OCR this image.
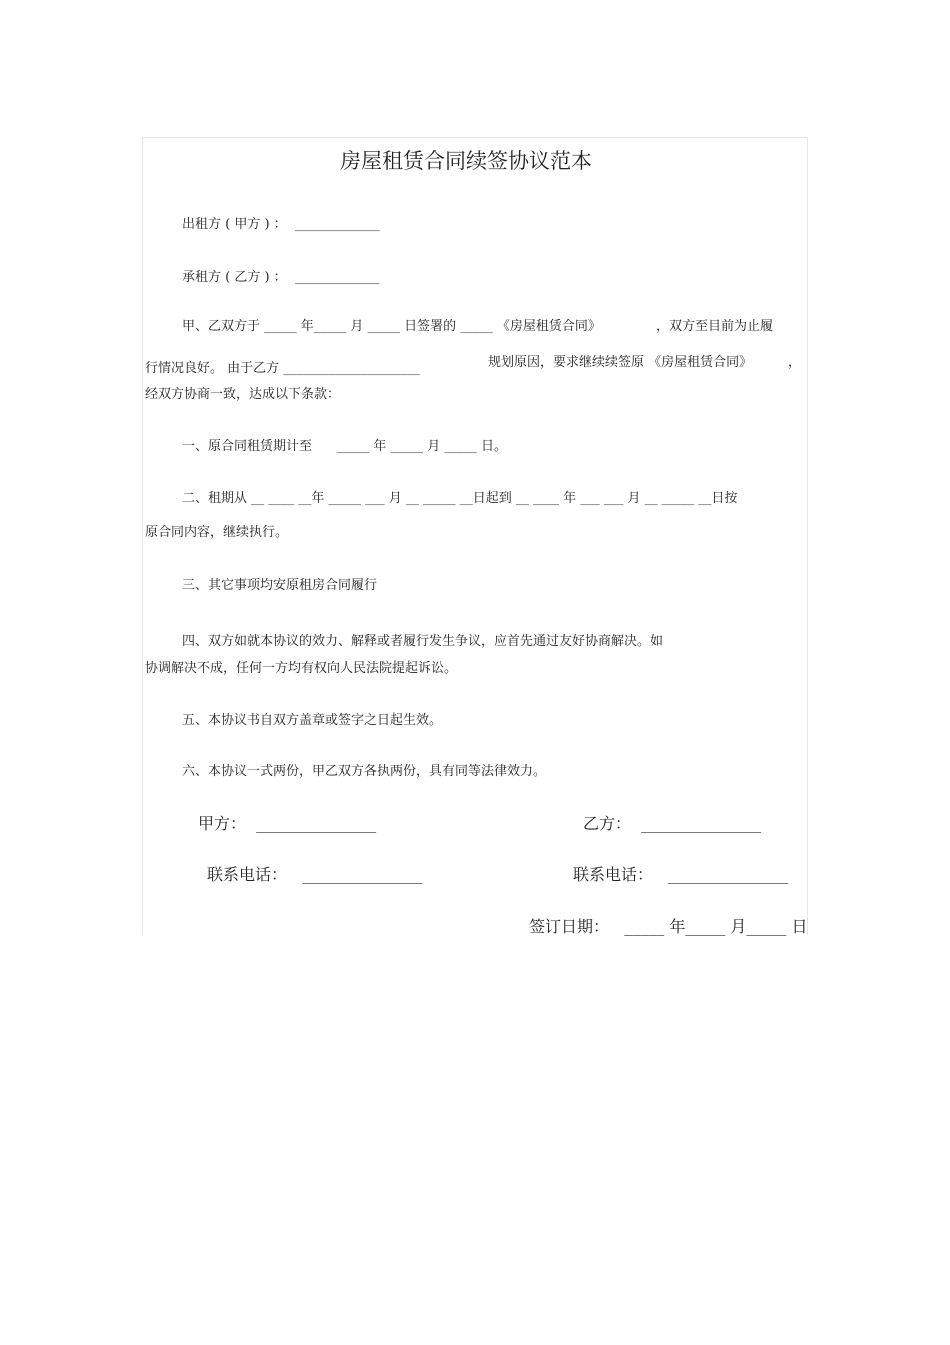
房屋租赁合同续签协议范本
出租方 ( 甲方 ) ：  _____________
承租方 ( 乙方 ) ：  _____________
甲、乙双方于 _____ 年_____ 月 _____ 日签署的 _____ 《房屋租赁合同》	，双方至目前为止履
行情况良好。 由于乙方 _____________________	规划原因，要求继续续签原 《房屋租赁合同》	，
经双方协商一致，达成以下条款：
一、原合同租赁期计至      _____ 年 _____ 月 _____ 日。
二、租期从 __ ____ __年 _____ ___ 月 __ _____ __日起到 __ ____ 年 ___ ___ 月 __ _____ __日按
原合同内容，继续执行。
三、其它事项均安原租房合同履行
四、双方如就本协议的效力、解释或者履行发生争议，应首先通过友好协商解决。如
协调解决不成，任何一方均有权向人民法院提起诉讼。
五、本协议书自双方盖章或签字之日起生效。
六、本协议一式两份，甲乙双方各执两份，具有同等法律效力。
甲方：  _______________	乙方：  _______________
联系电话：   _______________	联系电话：   _______________
签订日期：   _____ 年_____ 月_____ 日
